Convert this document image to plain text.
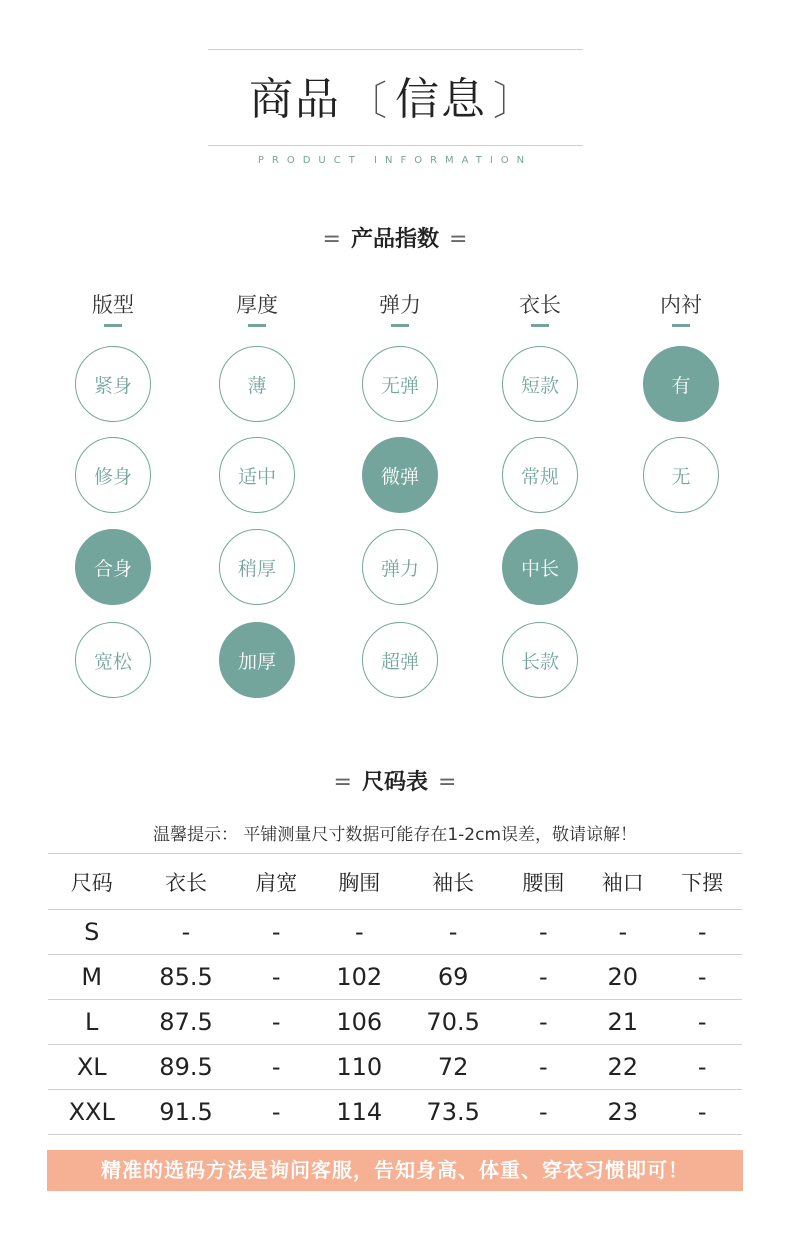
商品 〔 信息 〕
PRODUCT INFORMATION
= 产品指数 =
版型
紧身
修身
合身
宽松
厚度
薄
适中
稍厚
加厚
弹力
无弹
微弹
弹力
超弹
衣长
短款
常规
中长
长款
内衬
有
无
= 尺码表 =
温馨提示： 平铺测量尺寸数据可能存在1-2cm误差，敬请谅解！
尺码	衣长	肩宽	胸围	袖长	腰围	袖口	下摆
S	-	-	-	-	-	-	-
M	85.5	-	102	69	-	20	-
L	87.5	-	106	70.5	-	21	-
XL	89.5	-	110	72	-	22	-
XXL	91.5	-	114	73.5	-	23	-
精准的选码方法是询问客服，告知身高、体重、穿衣习惯即可！
